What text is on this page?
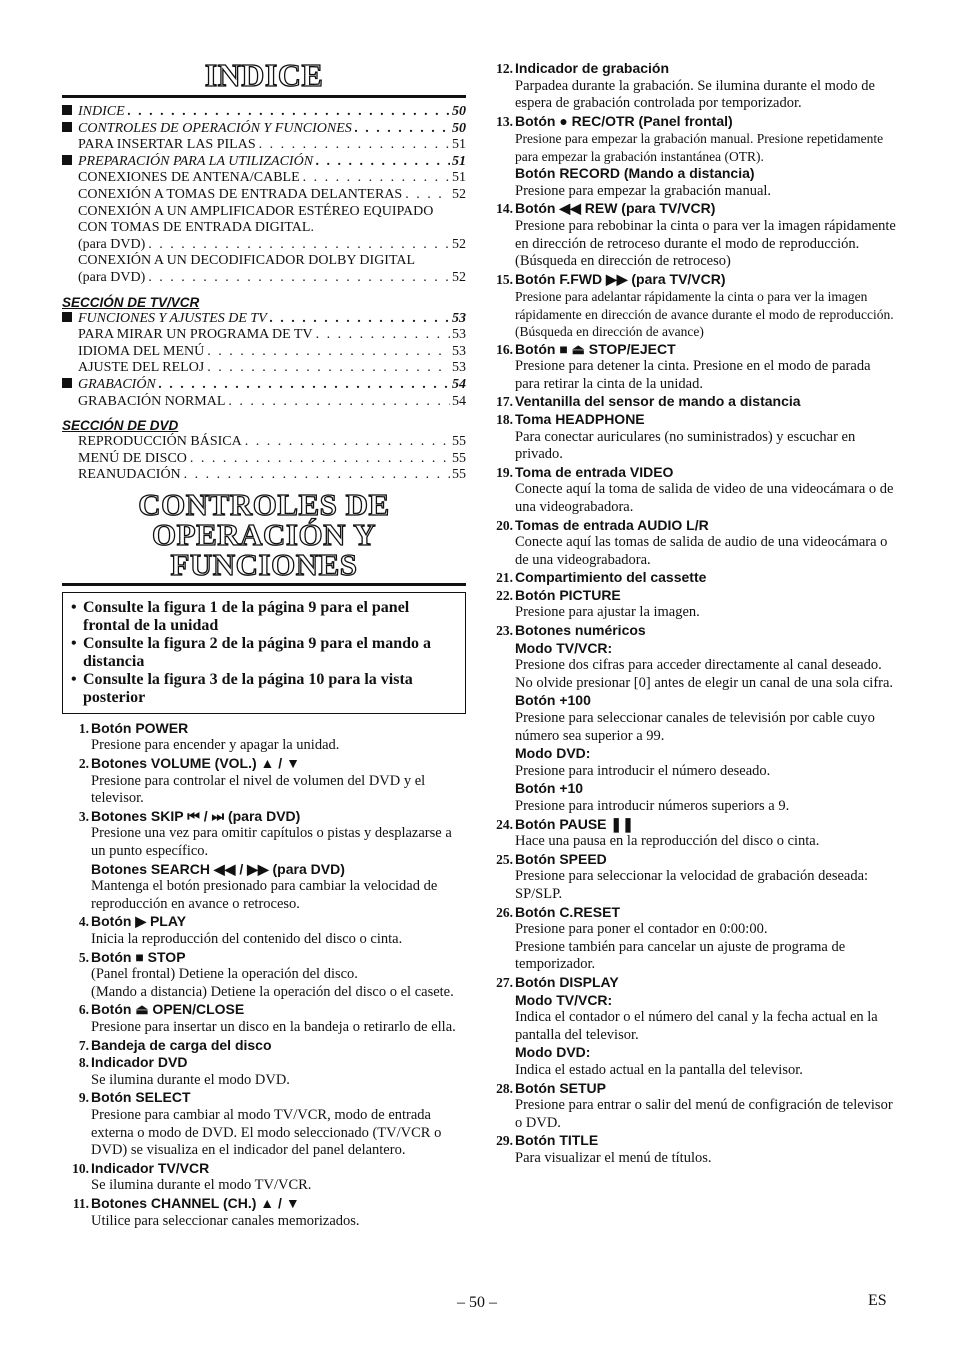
INDICE
INDICE . . .	50
CONTROLES DE OPERACIÓN Y FUNCIONES . . .	50
PARA INSERTAR LAS PILAS . . .	51
PREPARACIÓN PARA LA UTILIZACIÓN . . .	51
CONEXIONES DE ANTENA/CABLE . . .	51
CONEXIÓN A TOMAS DE ENTRADA DELANTERAS . . .	52
CONEXIÓN A UN AMPLIFICADOR ESTÉREO EQUIPADO CON TOMAS DE ENTRADA DIGITAL.
(para DVD) . . .	52
CONEXIÓN A UN DECODIFICADOR DOLBY DIGITAL
(para DVD) . . .	52
SECCIÓN DE TV/VCR
FUNCIONES Y AJUSTES DE TV . . .	53
PARA MIRAR UN PROGRAMA DE TV . . .	53
IDIOMA DEL MENÚ . . .	53
AJUSTE DEL RELOJ . . .	53
GRABACIÓN . . .	54
GRABACIÓN NORMAL . . .	54
SECCIÓN DE DVD
REPRODUCCIÓN BÁSICA . . .	55
MENÚ DE DISCO . . .	55
REANUDACIÓN . . .	55
CONTROLES DE
OPERACIÓN Y FUNCIONES
• Consulte la figura 1 de la página 9 para el panel frontal de la unidad
• Consulte la figura 2 de la página 9 para el mando a distancia
• Consulte la figura 3 de la página 10 para la vista posterior
1. Botón POWER
Presione para encender y apagar la unidad.
2. Botones VOLUME (VOL.) ▲ / ▼
Presione para controlar el nivel de volumen del DVD y el televisor.
3. Botones SKIP ⏮ / ⏭ (para DVD)
Presione una vez para omitir capítulos o pistas y desplazarse a un punto específico.
Botones SEARCH ◀◀ / ▶▶ (para DVD)
Mantenga el botón presionado para cambiar la velocidad de reproducción en avance o retroceso.
4. Botón ▶ PLAY
Inicia la reproducción del contenido del disco o cinta.
5. Botón ■ STOP
(Panel frontal) Detiene la operación del disco.
(Mando a distancia) Detiene la operación del disco o el casete.
6. Botón ⏏ OPEN/CLOSE
Presione para insertar un disco en la bandeja o retirarlo de ella.
7. Bandeja de carga del disco
8. Indicador DVD
Se ilumina durante el modo DVD.
9. Botón SELECT
Presione para cambiar al modo TV/VCR, modo de entrada externa o modo de DVD. El modo seleccionado (TV/VCR o DVD) se visualiza en el indicador del panel delantero.
10. Indicador TV/VCR
Se ilumina durante el modo TV/VCR.
11. Botones CHANNEL (CH.) ▲ / ▼
Utilice para seleccionar canales memorizados.
12. Indicador de grabación
Parpadea durante la grabación. Se ilumina durante el modo de espera de grabación controlada por temporizador.
13. Botón ● REC/OTR (Panel frontal)
Presione para empezar la grabación manual. Presione repetidamente para empezar la grabación instantánea (OTR).
Botón RECORD (Mando a distancia)
Presione para empezar la grabación manual.
14. Botón ◀◀ REW (para TV/VCR)
Presione para rebobinar la cinta o para ver la imagen rápidamente en dirección de retroceso durante el modo de reproducción. (Búsqueda en dirección de retroceso)
15. Botón F.FWD ▶▶ (para TV/VCR)
Presione para adelantar rápidamente la cinta o para ver la imagen rápidamente en dirección de avance durante el modo de reproducción. (Búsqueda en dirección de avance)
16. Botón ■ ⏏ STOP/EJECT
Presione para detener la cinta. Presione en el modo de parada para retirar la cinta de la unidad.
17. Ventanilla del sensor de mando a distancia
18. Toma HEADPHONE
Para conectar auriculares (no suministrados) y escuchar en privado.
19. Toma de entrada VIDEO
Conecte aquí la toma de salida de video de una videocámara o de una videograbadora.
20. Tomas de entrada AUDIO L/R
Conecte aquí las tomas de salida de audio de una videocámara o de una videograbadora.
21. Compartimiento del cassette
22. Botón PICTURE
Presione para ajustar la imagen.
23. Botones numéricos
Modo TV/VCR:
Presione dos cifras para acceder directamente al canal deseado.
No olvide presionar [0] antes de elegir un canal de una sola cifra.
Botón +100
Presione para seleccionar canales de televisión por cable cuyo número sea superior a 99.
Modo DVD:
Presione para introducir el número deseado.
Botón +10
Presione para introducir números superiors a 9.
24. Botón PAUSE ❚❚
Hace una pausa en la reproducción del disco o cinta.
25. Botón SPEED
Presione para seleccionar la velocidad de grabación deseada: SP/SLP.
26. Botón C.RESET
Presione para poner el contador en 0:00:00.
Presione también para cancelar un ajuste de programa de temporizador.
27. Botón DISPLAY
Modo TV/VCR:
Indica el contador o el número del canal y la fecha actual en la pantalla del televisor.
Modo DVD:
Indica el estado actual en la pantalla del televisor.
28. Botón SETUP
Presione para entrar o salir del menú de configración de televisor o DVD.
29. Botón TITLE
Para visualizar el menú de títulos.
– 50 –	ES
